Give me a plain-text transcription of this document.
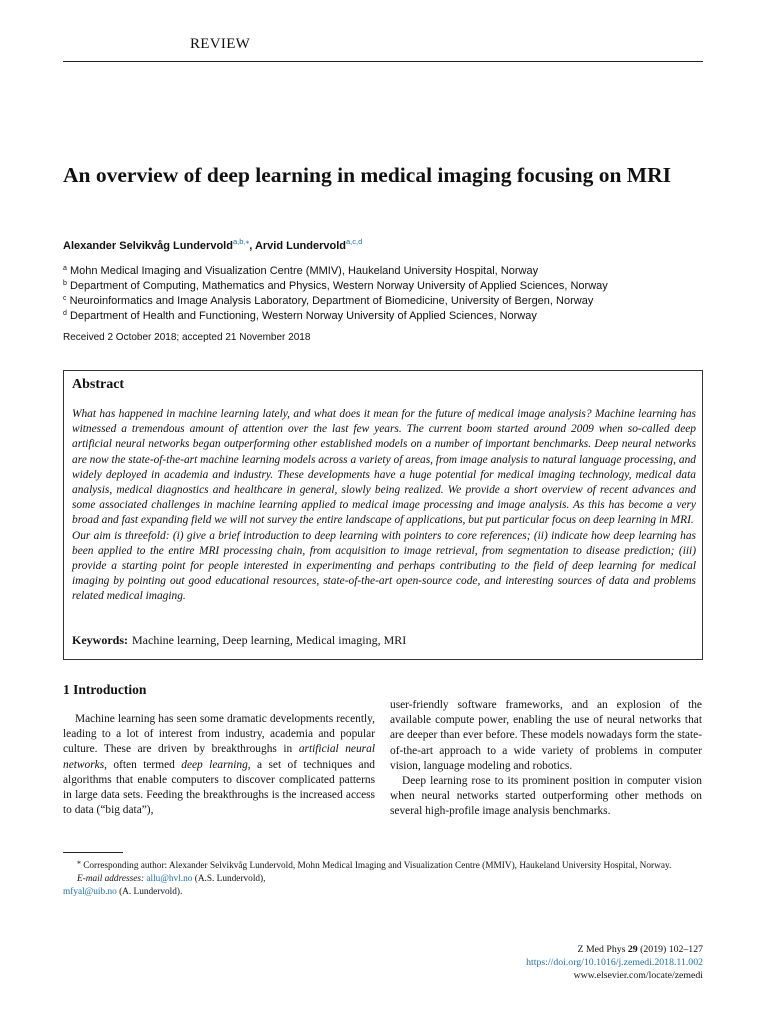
REVIEW
An overview of deep learning in medical imaging focusing on MRI
Alexander Selvikvåg Lundervold$^{a,b,⁎}$, Arvid Lundervold$^{a,c,d}$
$^a$ Mohn Medical Imaging and Visualization Centre (MMIV), Haukeland University Hospital, Norway
$^b$ Department of Computing, Mathematics and Physics, Western Norway University of Applied Sciences, Norway
$^c$ Neuroinformatics and Image Analysis Laboratory, Department of Biomedicine, University of Bergen, Norway
$^d$ Department of Health and Functioning, Western Norway University of Applied Sciences, Norway
Received 2 October 2018; accepted 21 November 2018
Abstract

What has happened in machine learning lately, and what does it mean for the future of medical image analysis? Machine learning has witnessed a tremendous amount of attention over the last few years. The current boom started around 2009 when so-called deep artificial neural networks began outperforming other established models on a number of important benchmarks. Deep neural networks are now the state-of-the-art machine learning models across a variety of areas, from image analysis to natural language processing, and widely deployed in academia and industry. These developments have a huge potential for medical imaging technology, medical data analysis, medical diagnostics and healthcare in general, slowly being realized. We provide a short overview of recent advances and some associated challenges in machine learning applied to medical image processing and image analysis. As this has become a very broad and fast expanding field we will not survey the entire landscape of applications, but put particular focus on deep learning in MRI.

Our aim is threefold: (i) give a brief introduction to deep learning with pointers to core references; (ii) indicate how deep learning has been applied to the entire MRI processing chain, from acquisition to image retrieval, from segmentation to disease prediction; (iii) provide a starting point for people interested in experimenting and perhaps contributing to the field of deep learning for medical imaging by pointing out good educational resources, state-of-the-art open-source code, and interesting sources of data and problems related medical imaging.

Keywords: Machine learning, Deep learning, Medical imaging, MRI
1 Introduction

Machine learning has seen some dramatic developments recently, leading to a lot of interest from industry, academia and popular culture. These are driven by breakthroughs in artificial neural networks, often termed deep learning, a set of techniques and algorithms that enable computers to discover complicated patterns in large data sets. Feeding the breakthroughs is the increased access to data (“big data”),

user-friendly software frameworks, and an explosion of the available compute power, enabling the use of neural networks that are deeper than ever before. These models nowadays form the state-of-the-art approach to a wide variety of problems in computer vision, language modeling and robotics.

Deep learning rose to its prominent position in computer vision when neural networks started outperforming other methods on several high-profile image analysis benchmarks.

⁎ Corresponding author: Alexander Selvikvåg Lundervold, Mohn Medical Imaging and Visualization Centre (MMIV), Haukeland University Hospital, Norway.

E-mail addresses: allu@hvl.no (A.S. Lundervold),

mfyal@uib.no (A. Lundervold).

Z Med Phys 29 (2019) 102–127
https://doi.org/10.1016/j.zemedi.2018.11.002
www.elsevier.com/locate/zemedi
